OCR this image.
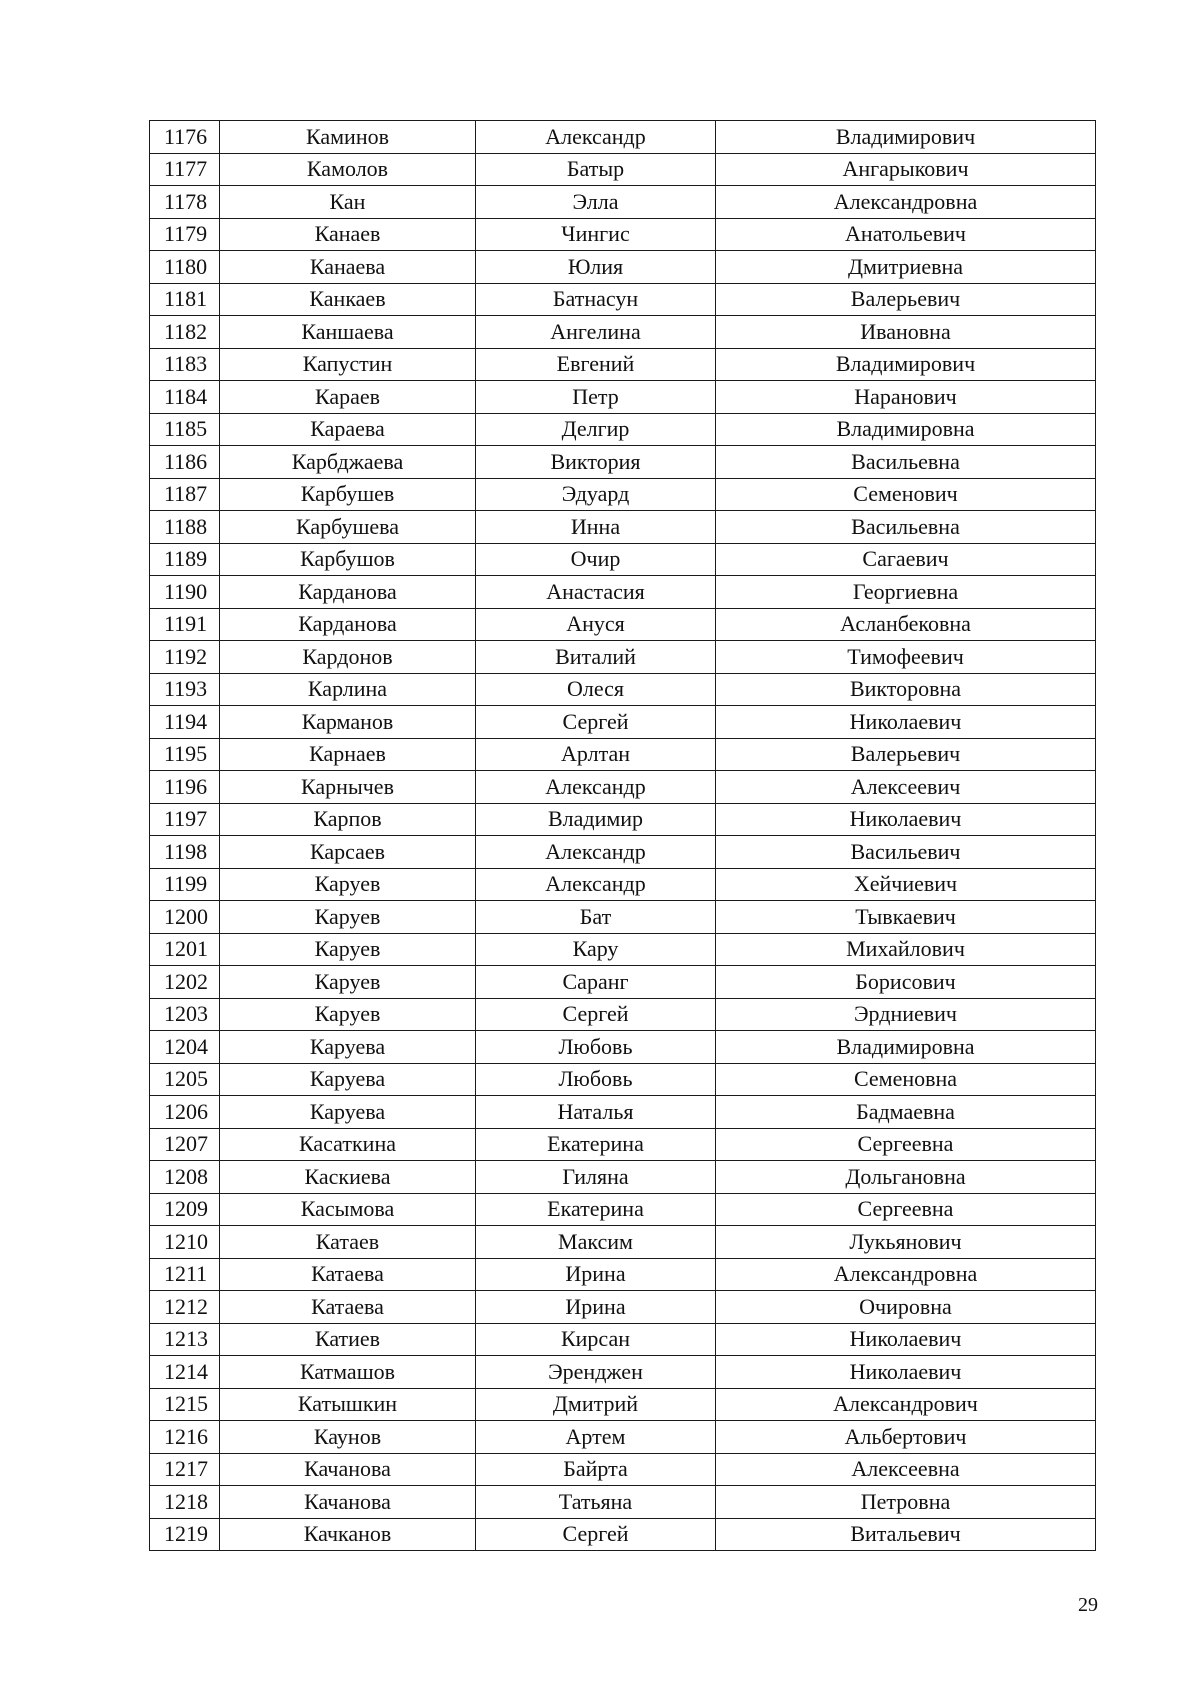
1176	Каминов	Александр	Владимирович
1177	Камолов	Батыр	Ангарыкович
1178	Кан	Элла	Александровна
1179	Канаев	Чингис	Анатольевич
1180	Канаева	Юлия	Дмитриевна
1181	Канкаев	Батнасун	Валерьевич
1182	Каншаева	Ангелина	Ивановна
1183	Капустин	Евгений	Владимирович
1184	Караев	Петр	Наранович
1185	Караева	Делгир	Владимировна
1186	Карбджаева	Виктория	Васильевна
1187	Карбушев	Эдуард	Семенович
1188	Карбушева	Инна	Васильевна
1189	Карбушов	Очир	Сагаевич
1190	Карданова	Анастасия	Георгиевна
1191	Карданова	Ануся	Асланбековна
1192	Кардонов	Виталий	Тимофеевич
1193	Карлина	Олеся	Викторовна
1194	Карманов	Сергей	Николаевич
1195	Карнаев	Арлтан	Валерьевич
1196	Карнычев	Александр	Алексеевич
1197	Карпов	Владимир	Николаевич
1198	Карсаев	Александр	Васильевич
1199	Каруев	Александр	Хейчиевич
1200	Каруев	Бат	Тывкаевич
1201	Каруев	Кару	Михайлович
1202	Каруев	Саранг	Борисович
1203	Каруев	Сергей	Эрдниевич
1204	Каруева	Любовь	Владимировна
1205	Каруева	Любовь	Семеновна
1206	Каруева	Наталья	Бадмаевна
1207	Касаткина	Екатерина	Сергеевна
1208	Каскиева	Гиляна	Дольгановна
1209	Касымова	Екатерина	Сергеевна
1210	Катаев	Максим	Лукьянович
1211	Катаева	Ирина	Александровна
1212	Катаева	Ирина	Очировна
1213	Катиев	Кирсан	Николаевич
1214	Катмашов	Эренджен	Николаевич
1215	Катышкин	Дмитрий	Александрович
1216	Каунов	Артем	Альбертович
1217	Качанова	Байрта	Алексеевна
1218	Качанова	Татьяна	Петровна
1219	Качканов	Сергей	Витальевич
29
